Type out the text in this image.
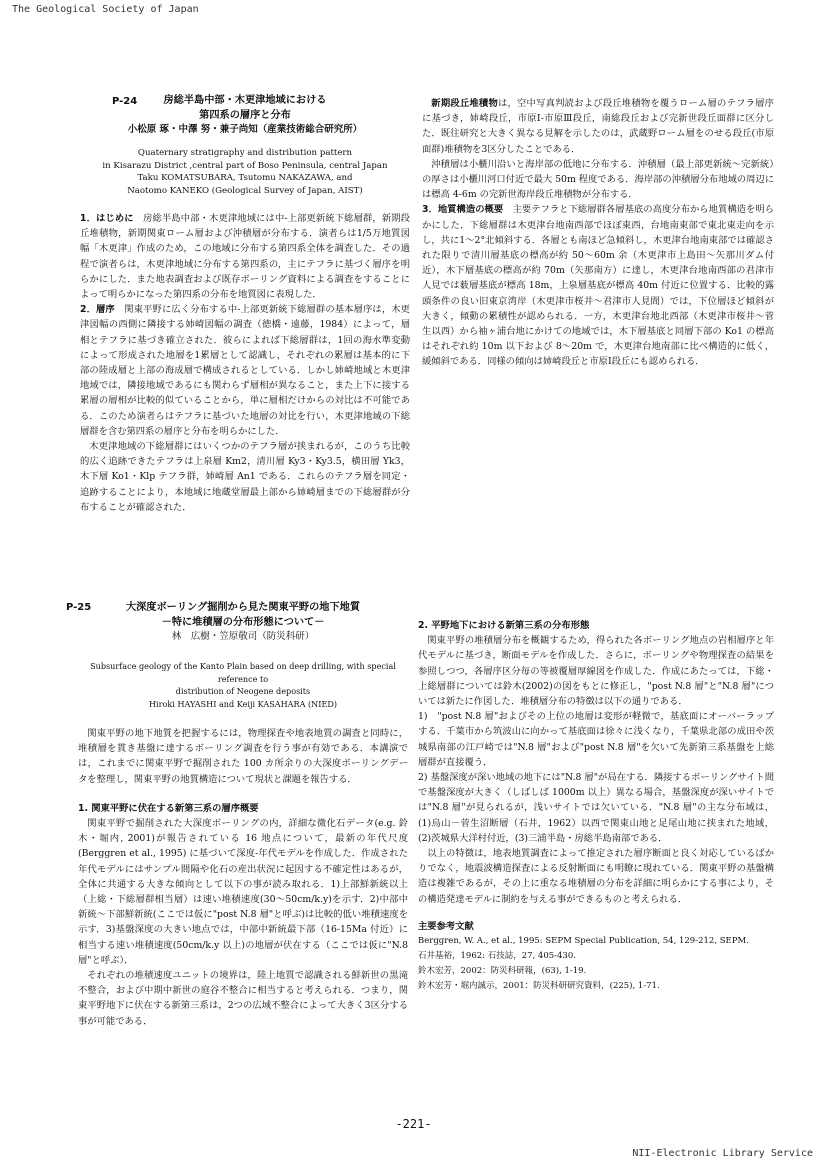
The Geological Society of Japan
P-24	房総半島中部・木更津地域における
第四系の層序と分布
小松原 琢・中澤 努・兼子尚知（産業技術総合研究所）
Quaternary stratigraphy and distribution pattern
in Kisarazu District ,central part of Boso Peninsula, central Japan
Taku KOMATSUBARA, Tsutomu NAKAZAWA, and
Naotomo KANEKO (Geological Survey of Japan, AIST)

1．はじめに　 房総半島中部・木更津地域には中-上部更新統下総層群，新期段丘堆積物，新期関東ローム層および沖積層が分布する．演者らは1/5万地質図幅「木更津」作成のため，この地域に分布する第四系全体を調査した．その過程で演者らは，木更津地域に分布する第四系の，主にテフラに基づく層序を明らかにした．また地表調査および既存ボーリング資料による調査をすることによって明らかになった第四系の分布を地質図に表現した．

2．層序　 関東平野に広く分布する中-上部更新統下総層群の基本層序は，木更津図幅の西側に隣接する姉崎図幅の調査（徳橋・遠藤，1984）によって，層相とテフラに基づき確立された．彼らによれば下総層群は，1回の海水準変動によって形成された地層を1累層として認識し，それぞれの累層は基本的に下部の陸成層と上部の海成層で構成されるとしている．しかし姉崎地域と木更津地域では，隣接地域であるにも関わらず層相が異なること，また上下に接する累層の層相が比較的似ていることから，単に層相だけからの対比は不可能である．このため演者らはテフラに基づいた地層の対比を行い，木更津地域の下総層群を含む第四系の層序と分布を明らかにした．

木更津地域の下総層群にはいくつかのテフラ層が挟まれるが，このうち比較的広く追跡できたテフラは上泉層 Km2，清川層 Ky3・Ky3.5，横田層 Yk3，木下層 Ko1・Klp テフラ群，姉崎層 An1 である．これらのテフラ層を同定・追跡することにより，本地域に地蔵堂層最上部から姉崎層までの下総層群が分布することが確認された．

新期段丘堆積物は，空中写真判読および段丘堆積物を覆うローム層のテフラ層序に基づき，姉崎段丘，市原Ⅰ-市原Ⅲ段丘，南総段丘および完新世段丘面群に区分した．既往研究と大きく異なる見解を示したのは，武蔵野ローム層をのせる段丘(市原面群)堆積物を3区分したことである．

沖積層は小櫃川沿いと海岸部の低地に分布する．沖積層（最上部更新統～完新統）の厚さは小櫃川河口付近で最大 50m 程度である．海岸部の沖積層分布地域の周辺には標高 4-6m の完新世海岸段丘堆積物が分布する．

3．地質構造の概要　 主要テフラと下総層群各層基底の高度分布から地質構造を明らかにした．下総層群は木更津台地南西部でほぼ東西，台地南東部で東北東走向を示し，共に1～2°北傾斜する．各層とも南ほど急傾斜し，木更津台地南東部では確認された限りで清川層基底の標高が約 50～60m 余（木更津市上島田～矢那川ダム付近），木下層基底の標高が約 70m（矢那南方）に達し，木更津台地南西部の君津市人見では薮層基底が標高 18m，上泉層基底が標高 40m 付近に位置する．比較的露頭条件の良い旧東京湾岸（木更津市桜井～君津市人見間）では，下位層ほど傾斜が大きく，傾動の累積性が認められる．一方，木更津台地北西部（木更津市桜井～菅生以西）から袖ヶ浦台地にかけての地域では，木下層基底と同層下部の Ko1 の標高はそれぞれ約 10m 以下および 8～20m で，木更津台地南部に比べ構造的に低く，緩傾斜である．同様の傾向は姉崎段丘と市原Ⅰ段丘にも認められる．

P-25	大深度ボーリング掘削から見た関東平野の地下地質
－特に堆積層の分布形態について－
林　広樹・笠原敬司（防災科研）
Subsurface geology of the Kanto Plain based on deep drilling, with special reference to
distribution of Neogene deposits
Hiroki HAYASHI and Keiji KASAHARA (NIED)

関東平野の地下地質を把握するには，物理探査や地表地質の調査と同時に，堆積層を貫き基盤に達するボーリング調査を行う事が有効である．本講演では，これまでに関東平野で掘削された 100 カ所余りの大深度ボーリングデータを整理し，関東平野の地質構造について現状と課題を報告する．

1. 関東平野に伏在する新第三系の層序概要

関東平野で掘削された大深度ボーリングの内，詳細な微化石データ(e.g. 鈴木・堀内, 2001)が報告されている 16 地点について，最新の年代尺度(Berggren et al., 1995) に基づいて深度-年代モデルを作成した．作成された年代モデルにはサンプル間隔や化石の産出状況に起因する不確定性はあるが，全体に共通する大きな傾向として以下の事が読み取れる．1)上部鮮新統以上（上総・下総層群相当層）は速い堆積速度(30～50cm/k.y)を示す．2)中部中新統～下部鮮新統(ここでは仮に"post N.8 層"と呼ぶ)は比較的低い堆積速度を示す．3)基盤深度の大きい地点では，中部中新統最下部（16-15Ma 付近）に相当する速い堆積速度(50cm/k.y 以上)の地層が伏在する（ここでは仮に"N.8 層"と呼ぶ）．

それぞれの堆積速度ユニットの境界は，陸上地質で認識される鮮新世の黒滝不整合，および中期中新世の庭谷不整合に相当すると考えられる．つまり，関東平野地下に伏在する新第三系は，2つの広域不整合によって大きく3区分する事が可能である．

2. 平野地下における新第三系の分布形態

関東平野の堆積層分布を概観するため，得られた各ボーリング地点の岩相層序と年代モデルに基づき，断面モデルを作成した．さらに，ボーリングや物理探査の結果を参照しつつ，各層序区分毎の等被覆層厚線図を作成した．作成にあたっては，下総・上総層群については鈴木(2002)の図をもとに修正し，"post N.8 層"と"N.8 層"については新たに作図した．堆積層分布の特徴は以下の通りである．

1)　"post N.8 層"およびその上位の地層は変形が軽微で，基底面にオーバーラップする．千葉市から筑波山に向かって基底面は徐々に浅くなり，千葉県北部の成田や茨城県南部の江戸崎では"N.8 層"および"post N.8 層"を欠いて先新第三系基盤を上総層群が直接覆う．

2) 基盤深度が深い地域の地下には"N.8 層"が局在する．隣接するボーリングサイト間で基盤深度が大きく（しばしば 1000m 以上）異なる場合，基盤深度が深いサイトでは"N.8 層"が見られるが，浅いサイトでは欠いている．"N.8 層"の主な分布域は，(1)烏山－菅生沼断層（石井，1962）以西で関東山地と足尾山地に挟まれた地域，(2)茨城県大洋村付近，(3)三浦半島・房総半島南部である．

以上の特徴は，地表地質調査によって推定された層序断面と良く対応しているばかりでなく，地震波構造探査による反射断面にも明瞭に現れている．関東平野の基盤構造は複雑であるが，その上に重なる堆積層の分布を詳細に明らかにする事により，その構造発達モデルに制約を与える事ができるものと考えられる．

主要参考文献

Berggren, W. A., et al., 1995: SEPM Special Publication, 54, 129-212, SEPM.
石井基裕，1962: 石技誌，27, 405-430.
鈴木宏芳，2002：防災科研報，(63), 1-19.
鈴木宏芳・堀内誠示，2001：防災科研研究資料，(225), 1-71.
-221-
NII-Electronic Library Service
